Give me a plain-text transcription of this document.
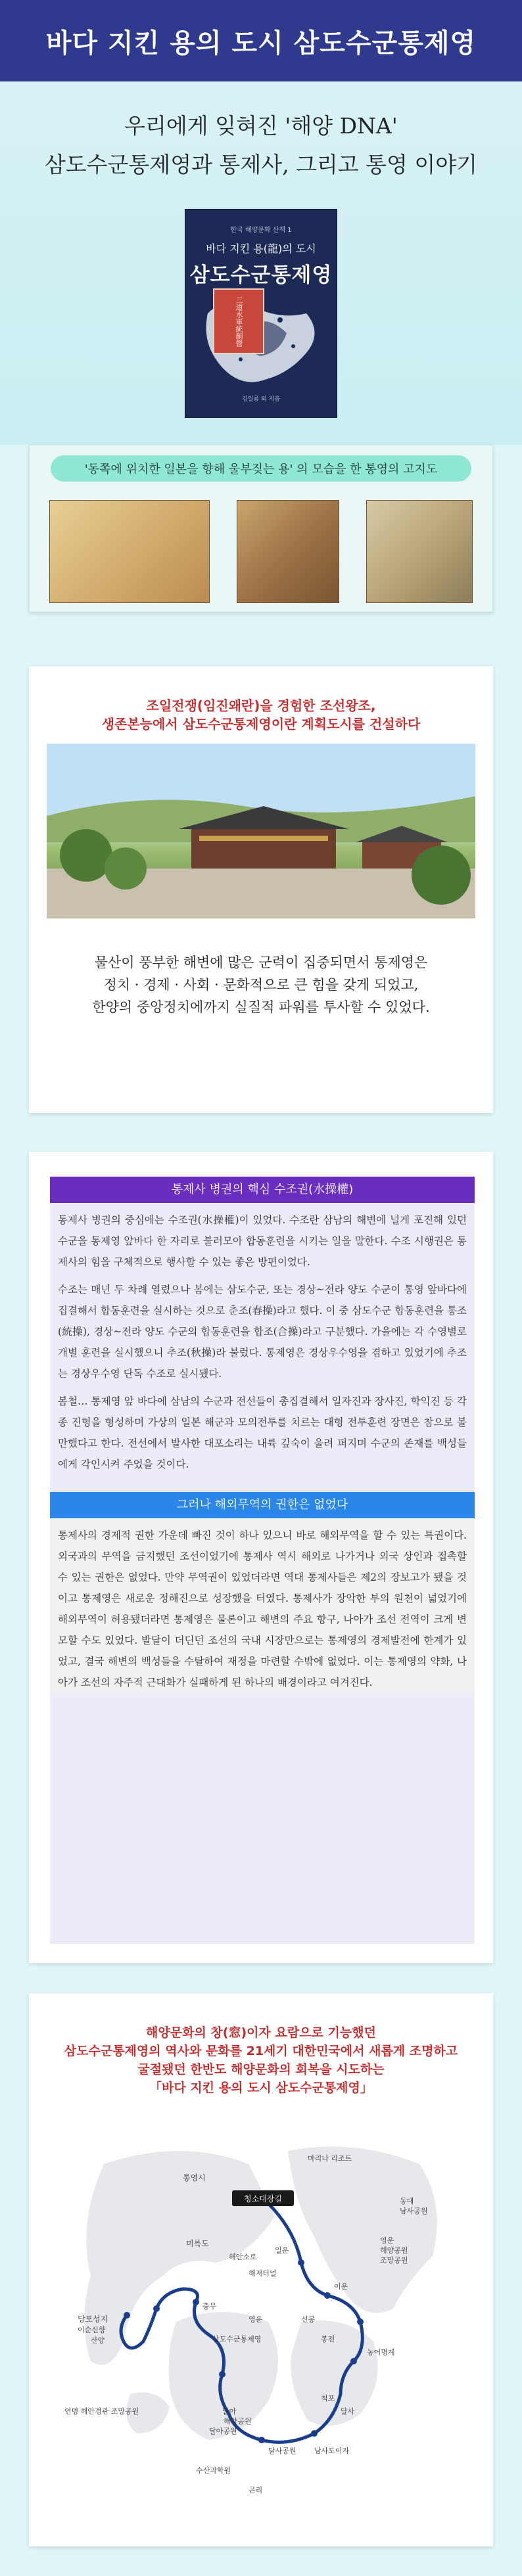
바다 지킨 용의 도시 삼도수군통제영
우리에게 잊혀진 '해양 DNA'
삼도수군통제영과 통제사, 그리고 통영 이야기
한국 해양문화 산책 1
바다 지킨 용(龍)의 도시
삼도수군통제영
三道水軍統制營
김일룡 외 지음
'동쪽에 위치한 일본을 향해 울부짖는 용' 의 모습을 한 통영의 고지도
조일전쟁(임진왜란)을 경험한 조선왕조,
생존본능에서 삼도수군통제영이란 계획도시를 건설하다
물산이 풍부한 해변에 많은 군력이 집중되면서 통제영은
정치 · 경제 · 사회 · 문화적으로 큰 힘을 갖게 되었고,
한양의 중앙정치에까지 실질적 파워를 투사할 수 있었다.
통제사 병권의 핵심 수조권(水操權)

통제사 병권의 중심에는 수조권(水操權)이 있었다. 수조란 삼남의 해변에 널게 포진해 있던 수군을 통제영 앞바다 한 자리로 불러모아 합동훈련을 시키는 일을 말한다. 수조 시행권은 통제사의 힘을 구체적으로 행사할 수 있는 좋은 방편이었다.

수조는 매년 두 차례 열렸으나 봄에는 삼도수군, 또는 경상~전라 양도 수군이 통영 앞바다에 집결해서 합동훈련을 실시하는 것으로 춘조(春操)라고 했다. 이 중 삼도수군 합동훈련을 통조(統操), 경상~전라 양도 수군의 합동훈련을 합조(合操)라고 구분했다. 가을에는 각 수영별로 개별 훈련을 실시했으니 추조(秋操)라 불렀다. 통제영은 경상우수영을 겸하고 있었기에 추조는 경상우수영 단독 수조로 실시됐다.

봄철… 통제영 앞 바다에 삼남의 수군과 전선들이 총집결해서 일자진과 장사진, 학익진 등 각종 진형을 형성하며 가상의 일본 해군과 모의전투를 치르는 대형 전투훈련 장면은 참으로 볼만했다고 한다. 전선에서 발사한 대포소리는 내륙 깊숙이 울려 퍼지며 수군의 존재를 백성들에게 각인시켜 주었을 것이다.

그러나 해외무역의 권한은 없었다

통제사의 경제적 권한 가운데 빠진 것이 하나 있으니 바로 해외무역을 할 수 있는 특권이다. 외국과의 무역을 금지했던 조선이었기에 통제사 역시 해외로 나가거나 외국 상인과 접촉할 수 있는 권한은 없었다. 만약 무역권이 있었더라면 역대 통제사들은 제2의 장보고가 됐을 것이고 통제영은 새로운 정해진으로 성장했을 터였다. 통제사가 장악한 부의 원천이 넓었기에 해외무역이 허용됐더라면 통제영은 물론이고 해변의 주요 항구, 나아가 조선 전역이 크게 변모할 수도 있었다. 발달이 더딘던 조선의 국내 시장만으로는 통제영의 경제발전에 한계가 있었고, 결국 해변의 백성들을 수탈하여 재정을 마련할 수밖에 없었다. 이는 통제영의 약화, 나아가 조선의 자주적 근대화가 실패하게 된 하나의 배경이라고 여겨진다.

해양문화의 창(窓)이자 요람으로 기능했던
삼도수군통제영의 역사와 문화를 21세기 대한민국에서 새롭게 조명하고
굴절됐던 한반도 해양문화의 회복을 시도하는
「바다 지킨 용의 도시 삼도수군통제영」
청소대장길
통영시
미륵도
해안소로
충무
당포성지
이순신향
산양
수산과학원
달아공원
영운
삼도수군통제영
달아
해양공원
해저터널
마리나 리조트
동대
남사공원
영운
해양공원
조망공원
일운
이운
신봉
봉전
농어명계
척포
달사
달사공원 남사도이자
연명 해안경관 조망공원
곤리
